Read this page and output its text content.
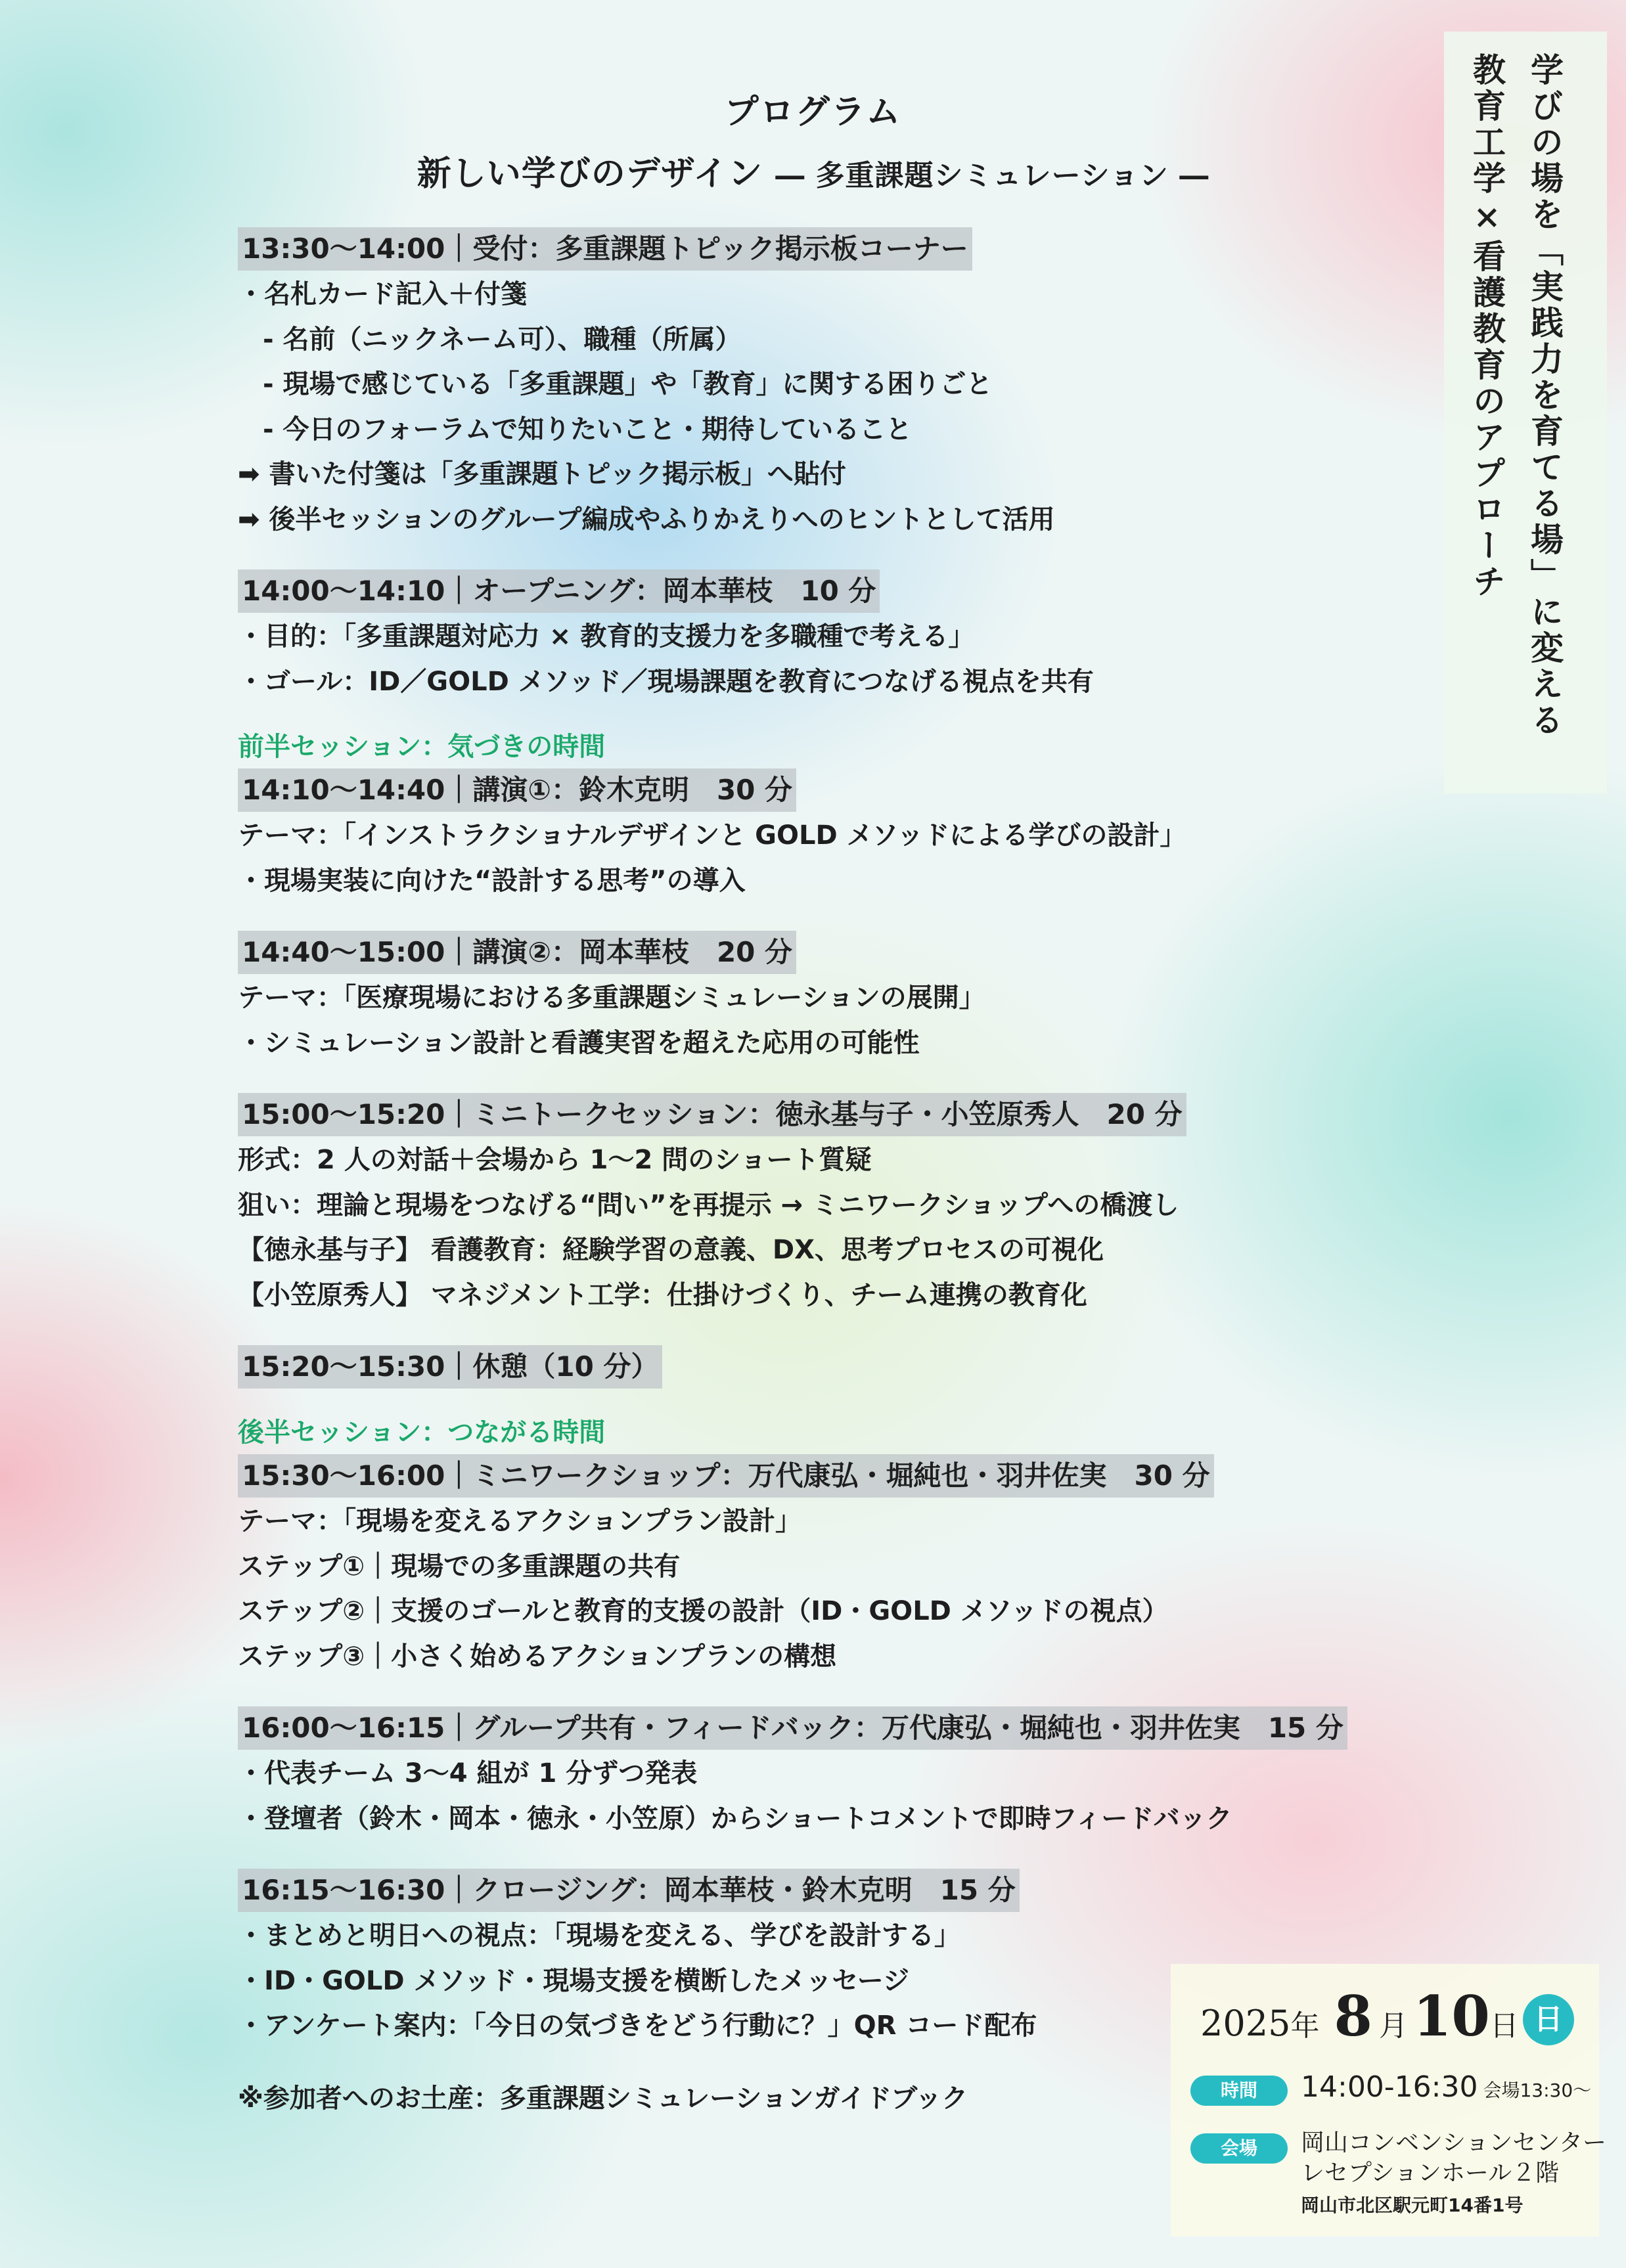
プログラム
新しい学びのデザイン ― 多重課題シミュレーション ―
13:30～14:00｜受付：多重課題トピック掲示板コーナー
・名札カード記入＋付箋
- 名前（ニックネーム可）、職種（所属）
- 現場で感じている「多重課題」や「教育」に関する困りごと
- 今日のフォーラムで知りたいこと・期待していること
➡ 書いた付箋は「多重課題トピック掲示板」へ貼付
➡ 後半セッションのグループ編成やふりかえりへのヒントとして活用
14:00～14:10｜オープニング：岡本華枝　10 分
・目的：「多重課題対応力 × 教育的支援力を多職種で考える」
・ゴール：ID／GOLD メソッド／現場課題を教育につなげる視点を共有
前半セッション：気づきの時間
14:10～14:40｜講演①：鈴木克明　30 分
テーマ：「インストラクショナルデザインと GOLD メソッドによる学びの設計」
・現場実装に向けた“設計する思考”の導入
14:40～15:00｜講演②：岡本華枝　20 分
テーマ：「医療現場における多重課題シミュレーションの展開」
・シミュレーション設計と看護実習を超えた応用の可能性
15:00～15:20｜ミニトークセッション：徳永基与子・小笠原秀人　20 分
形式：2 人の対話＋会場から 1～2 問のショート質疑
狙い：理論と現場をつなげる“問い”を再提示 → ミニワークショップへの橋渡し
【徳永基与子】 看護教育：経験学習の意義、DX、思考プロセスの可視化
【小笠原秀人】 マネジメント工学：仕掛けづくり、チーム連携の教育化
15:20～15:30｜休憩（10 分）
後半セッション：つながる時間
15:30～16:00｜ミニワークショップ：万代康弘・堀純也・羽井佐実　30 分
テーマ：「現場を変えるアクションプラン設計」
ステップ①｜現場での多重課題の共有
ステップ②｜支援のゴールと教育的支援の設計（ID・GOLD メソッドの視点）
ステップ③｜小さく始めるアクションプランの構想
16:00～16:15｜グループ共有・フィードバック：万代康弘・堀純也・羽井佐実　15 分
・代表チーム 3～4 組が 1 分ずつ発表
・登壇者（鈴木・岡本・徳永・小笠原）からショートコメントで即時フィードバック
16:15～16:30｜クロージング：岡本華枝・鈴木克明　15 分
・まとめと明日への視点：「現場を変える、学びを設計する」
・ID・GOLD メソッド・現場支援を横断したメッセージ
・アンケート案内：「今日の気づきをどう行動に？」QR コード配布
※参加者へのお土産：多重課題シミュレーションガイドブック
学びの場を「実践力を育てる場」に変える
教育工学×看護教育のアプローチ
2025年 8 月10日 日
時間	14:00-16:30 会場13:30～
会場	岡山コンベンションセンター
レセプションホール２階
岡山市北区駅元町14番1号
